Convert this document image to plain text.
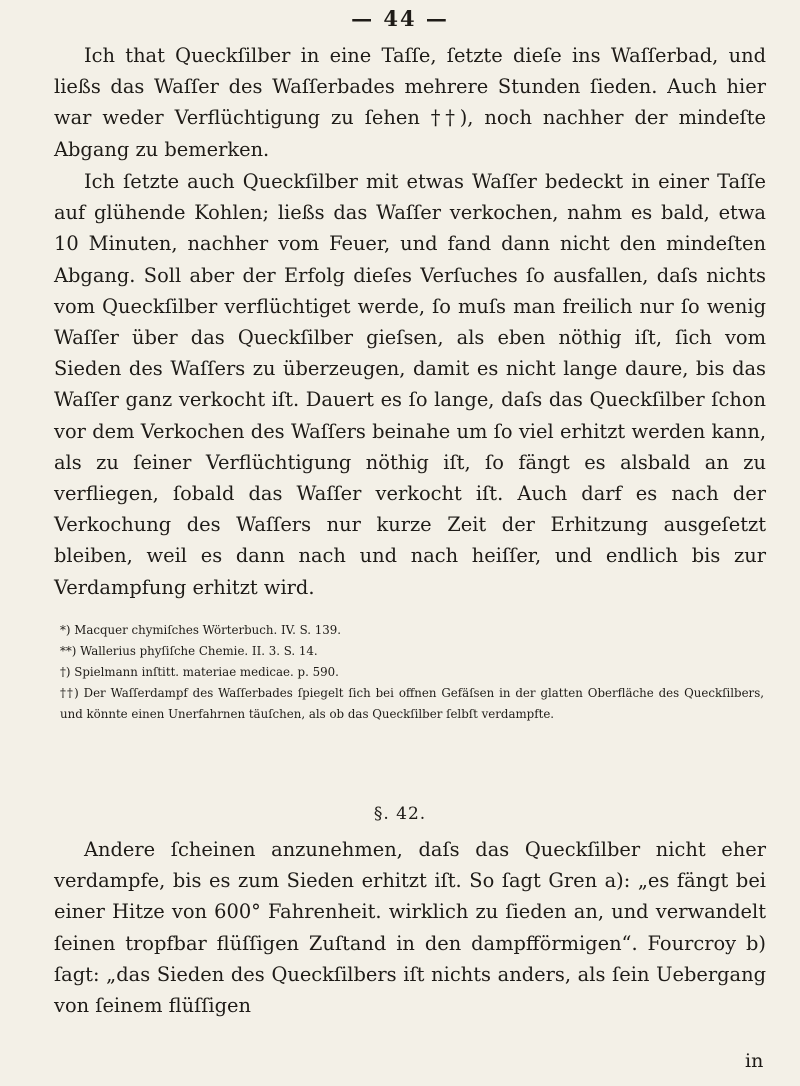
— 44 —

Ich that Queckſilber in eine Taſſe, ſetzte dieſe ins Waſſerbad, und ließs das Waſſer des Waſſerbades mehrere Stunden ſieden. Auch hier war weder Verflüchtigung zu ſehen ††), noch nachher der mindeſte Abgang zu bemerken.

Ich ſetzte auch Queckſilber mit etwas Waſſer bedeckt in einer Taſſe auf glühende Kohlen; ließs das Waſſer verkochen, nahm es bald, etwa 10 Minuten, nachher vom Feuer, und fand dann nicht den mindeſten Abgang. Soll aber der Erfolg dieſes Verſuches ſo ausfallen, daſs nichts vom Queckſilber verflüchtiget werde, ſo muſs man freilich nur ſo wenig Waſſer über das Queckſilber gieſsen, als eben nöthig iſt, ſich vom Sieden des Waſſers zu überzeugen, damit es nicht lange daure, bis das Waſſer ganz verkocht iſt. Dauert es ſo lange, daſs das Queckſilber ſchon vor dem Verkochen des Waſſers beinahe um ſo viel erhitzt werden kann, als zu ſeiner Verflüchtigung nöthig iſt, ſo fängt es alsbald an zu verfliegen, ſobald das Waſſer verkocht iſt. Auch darf es nach der Verkochung des Waſſers nur kurze Zeit der Erhitzung ausgeſetzt bleiben, weil es dann nach und nach heiſſer, und endlich bis zur Verdampfung erhitzt wird.

*) Macquer chymiſches Wörterbuch. IV. S. 139.

**) Wallerius phyſiſche Chemie. II. 3. S. 14.

†) Spielmann inſtitt. materiae medicae. p. 590.

††) Der Waſſerdampf des Waſſerbades ſpiegelt ſich bei offnen Gefäſsen in der glatten Oberfläche des Queckſilbers, und könnte einen Unerfahrnen täuſchen, als ob das Queckſilber ſelbſt verdampfte.

§. 42.

Andere ſcheinen anzunehmen, daſs das Queckſilber nicht eher verdampfe, bis es zum Sieden erhitzt iſt. So ſagt Gren a): „es fängt bei einer Hitze von 600° Fahrenheit. wirklich zu ſieden an, und verwandelt ſeinen tropfbar flüſſigen Zuſtand in den dampfförmigen“. Fourcroy b) ſagt: „das Sieden des Queckſilbers iſt nichts anders, als ſein Uebergang von ſeinem flüſſigen

in
